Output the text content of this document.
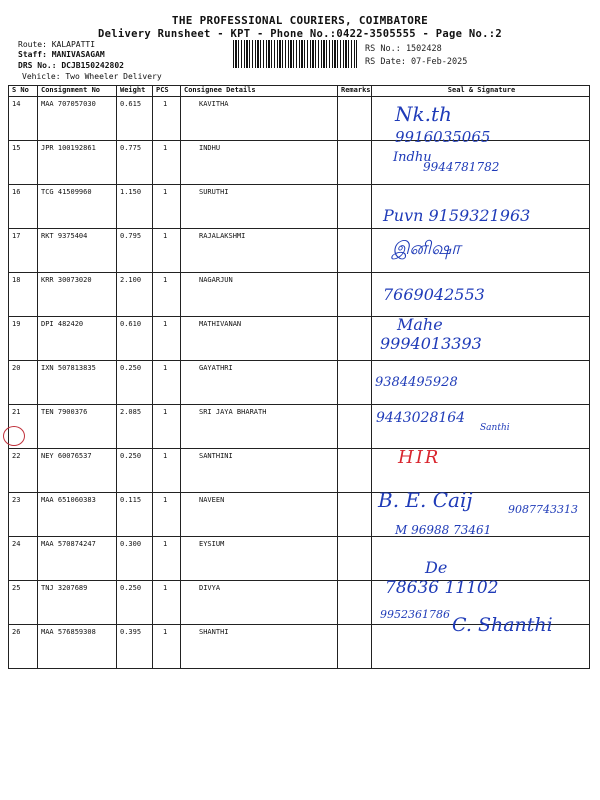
THE PROFESSIONAL COURIERS, COIMBATORE
Delivery Runsheet - KPT - Phone No.:0422-3505555 - Page No.:2
Route: KALAPATTI
Staff: MANIVASAGAM
DRS No.: DCJB150242802
Vehicle: Two Wheeler Delivery
RS No.: 1502428
RS Date: 07-Feb-2025
S No	Consignment No	Weight	PCS	Consignee Details	Remarks	Seal & Signature
14	MAA 707057030	0.615	1	KAVITHA		
15	JPR 100192861	0.775	1	INDHU		
16	TCG 41509960	1.150	1	SURUTHI		
17	RKT 9375404	0.795	1	RAJALAKSHMI		
18	KRR 30073020	2.100	1	NAGARJUN		
19	DPI 482420	0.610	1	MATHIVANAN		
20	IXN 507813835	0.250	1	GAYATHRI		
21	TEN 7900376	2.085	1	SRI JAYA BHARATH		
22	NEY 60076537	0.250	1	SANTHINI		
23	MAA 651060383	0.115	1	NAVEEN		
24	MAA 570874247	0.300	1	EYSIUM		
25	TNJ 3207689	0.250	1	DIVYA		
26	MAA 576859308	0.395	1	SHANTHI		
Nk.th
9916035065
Indhu
9944781782
Puvn 9159321963
இனிஷா
7669042553
Mahe
9994013393
9384495928
9443028164
Santhi
HIR
B. E. Caij	9087743313
M 96988 73461
De
78636 11102
9952361786 C. Shanthi
